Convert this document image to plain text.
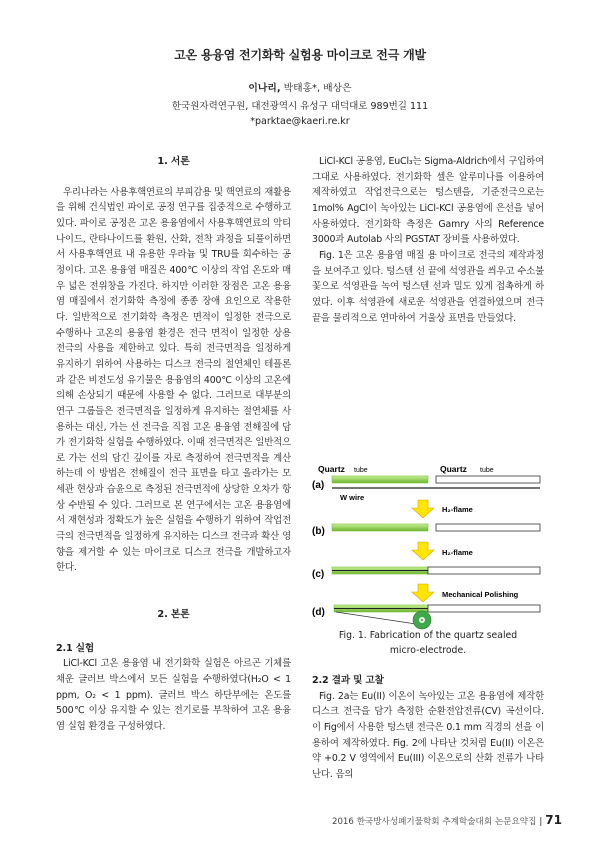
고온 용융염 전기화학 실험용 마이크로 전극 개발
이나리, 박태홍*, 배상은
한국원자력연구원, 대전광역시 유성구 대덕대로 989번길 111
*parktae@kaeri.re.kr
1. 서론

우리나라는 사용후핵연료의 부피감용 및 핵연료의 재활용을 위해 건식법인 파이로 공정 연구를 집중적으로 수행하고 있다. 파이로 공정은 고온 용융염에서 사용후핵연료의 악티나이드, 란타나이드를 환원, 산화, 전착 과정을 되풀이하면서 사용후핵연료 내 유용한 우라늄 및 TRU를 회수하는 공정이다. 고온 용융염 매질은 400℃ 이상의 작업 온도와 매우 넓은 전위창을 가진다. 하지만 이러한 장점은 고온 용융염 매질에서 전기화학 측정에 종종 장애 요인으로 작용한다. 일반적으로 전기화학 측정은 면적이 일정한 전극으로 수행하나 고온의 용융염 환경은 전극 면적이 일정한 상용 전극의 사용을 제한하고 있다. 특히 전극면적을 일정하게 유지하기 위하여 사용하는 디스크 전극의 절연체인 테플론과 같은 비전도성 유기물은 용융염의 400℃ 이상의 고온에 의해 손상되기 때문에 사용할 수 없다. 그러므로 대부분의 연구 그룹들은 전극면적을 일정하게 유지하는 절연체를 사용하는 대신, 가는 선 전극을 직접 고온 용융염 전해질에 담가 전기화학 실험을 수행하였다. 이때 전극면적은 일반적으로 가는 선의 담긴 깊이를 자로 측정하여 전극면적을 계산하는데 이 방법은 전해질이 전극 표면을 타고 올라가는 모세관 현상과 습윤으로 측정된 전극면적에 상당한 오차가 항상 수반될 수 있다. 그러므로 본 연구에서는 고온 용융염에서 재현성과 정확도가 높은 실험을 수행하기 위하여 작업전극의 전극면적을 일정하게 유지하는 디스크 전극과 확산 영향을 제거할 수 있는 마이크로 디스크 전극을 개발하고자 한다.

2. 본론
2.1 실험

LiCl-KCl 고온 용융염 내 전기화학 실험은 아르곤 기체를 채운 글러브 박스에서 모든 실험을 수행하였다(H₂O < 1 ppm, O₂ < 1 ppm). 글러브 박스 하단부에는 온도를 500℃ 이상 유지할 수 있는 전기로를 부착하여 고온 용융염 실험 환경을 구성하였다.

LiCl-KCl 공용염, EuCl₃는 Sigma-Aldrich에서 구입하여 그대로 사용하였다. 전기화학 셀은 알루미나를 이용하여 제작하였고 작업전극으로는 텅스텐을, 기준전극으로는 1mol% AgCl이 녹아있는 LiCl-KCl 공용염에 은선을 넣어 사용하였다. 전기화학 측정은 Gamry 사의 Reference 3000과 Autolab 사의 PGSTAT 장비를 사용하였다.

Fig. 1은 고온 용융염 매질 용 마이크로 전극의 제작과정을 보여주고 있다. 텅스텐 선 끝에 석영관을 씌우고 수소불꽃으로 석영관을 녹여 텅스텐 선과 밀도 있게 접촉하게 하였다. 이후 석영관에 새로운 석영관을 연결하였으며 전극 끝을 물리적으로 연마하여 거울상 표면을 만들었다.

Quartz tube	Quartz tube
(a)
W wire
H₂-flame
(b)
H₂-flame
(c)
Mechanical Polishing
(d)
Fig. 1. Fabrication of the quartz sealed
micro-electrode.
2.2 결과 및 고찰

Fig. 2a는 Eu(II) 이온이 녹아있는 고온 용융염에 제작한 디스크 전극을 담가 측정한 순환전압전류(CV) 곡선이다. 이 Fig에서 사용한 텅스텐 전극은 0.1 mm 직경의 선을 이용하여 제작하였다. Fig. 2에 나타난 것처럼 Eu(II) 이온은 약 +0.2 V 영역에서 Eu(III) 이온으로의 산화 전류가 나타난다. 음의

2016 한국방사성폐기물학회 추계학술대회 논문요약집 | 71
